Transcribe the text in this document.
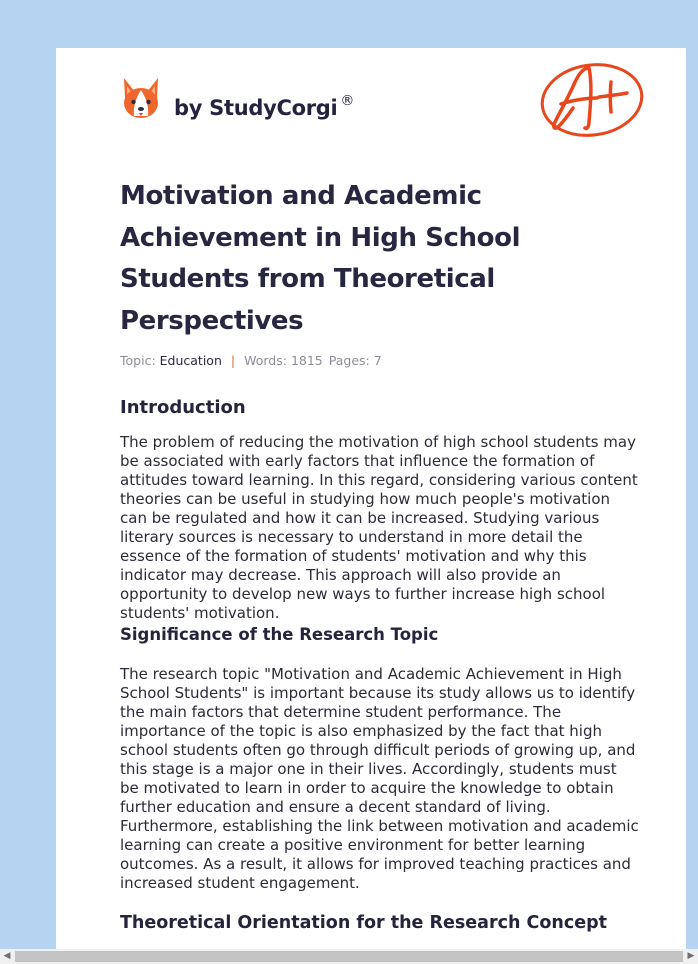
by StudyCorgi ®
Motivation and Academic Achievement in High School Students from Theoretical Perspectives
Topic: Education | Words: 1815 Pages: 7
Introduction

The problem of reducing the motivation of high school students may be associated with early factors that influence the formation of attitudes toward learning. In this regard, considering various content theories can be useful in studying how much people's motivation can be regulated and how it can be increased. Studying various literary sources is necessary to understand in more detail the essence of the formation of students' motivation and why this indicator may decrease. This approach will also provide an opportunity to develop new ways to further increase high school students' motivation.

Significance of the Research Topic

The research topic "Motivation and Academic Achievement in High School Students" is important because its study allows us to identify the main factors that determine student performance. The importance of the topic is also emphasized by the fact that high school students often go through difficult periods of growing up, and this stage is a major one in their lives. Accordingly, students must be motivated to learn in order to acquire the knowledge to obtain further education and ensure a decent standard of living. Furthermore, establishing the link between motivation and academic learning can create a positive environment for better learning outcomes. As a result, it allows for improved teaching practices and increased student engagement.

Theoretical Orientation for the Research Concept
◀	▶
